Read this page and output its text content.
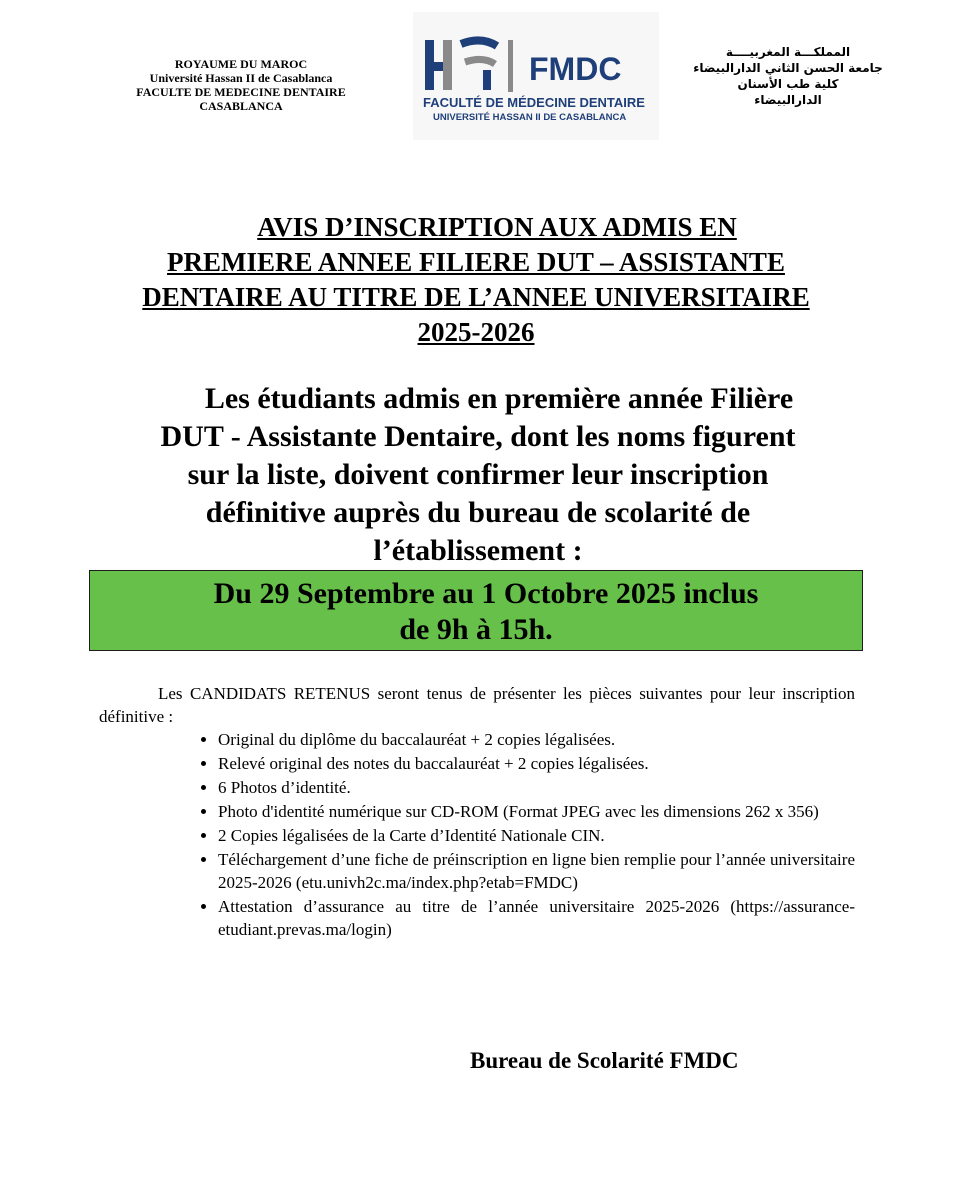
ROYAUME DU MAROC
Université Hassan II de Casablanca
FACULTE DE MEDECINE DENTAIRE
CASABLANCA
FMDC
FACULTÉ DE MÉDECINE DENTAIRE
UNIVERSITÉ HASSAN II DE CASABLANCA
المملكـــة المغربيــــة
جامعة الحسن الثاني الدارالبيضاء
كلية طب الأسنان
الدارالبيضاء
AVIS D’INSCRIPTION AUX ADMIS EN
PREMIERE ANNEE FILIERE DUT – ASSISTANTE
DENTAIRE AU TITRE DE L’ANNEE UNIVERSITAIRE
2025-2026
Les étudiants admis en première année Filière
DUT - Assistante Dentaire, dont les noms figurent
sur la liste, doivent confirmer leur inscription
définitive auprès du bureau de scolarité de
l’établissement :
Du 29 Septembre au 1 Octobre 2025 inclus
de 9h à 15h.

Les CANDIDATS RETENUS seront tenus de présenter les pièces suivantes pour leur inscription définitive :

• Original du diplôme du baccalauréat + 2 copies légalisées.
• Relevé original des notes du baccalauréat + 2 copies légalisées.
• 6 Photos d’identité.
• Photo d'identité numérique sur CD-ROM (Format JPEG avec les dimensions 262 x 356)
• 2 Copies légalisées de la Carte d’Identité Nationale CIN.
• Téléchargement d’une fiche de préinscription en ligne bien remplie pour l’année universitaire 2025-2026 (etu.univh2c.ma/index.php?etab=FMDC)
• Attestation d’assurance au titre de l’année universitaire 2025-2026 (https://assurance-etudiant.prevas.ma/login)
Bureau de Scolarité FMDC
